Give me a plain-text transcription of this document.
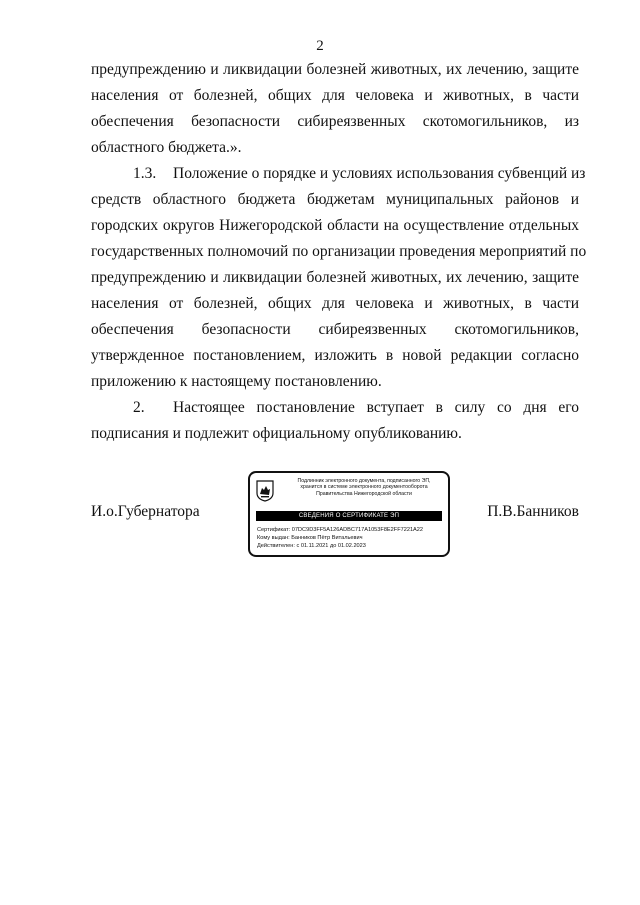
2
предупреждению и ликвидации болезней животных, их лечению, защите
населения от болезней, общих для человека и животных, в части
обеспечения безопасности сибиреязвенных скотомогильников, из
областного бюджета.».
1.3. Положение о порядке и условиях использования субвенций из
средств областного бюджета бюджетам муниципальных районов и
городских округов Нижегородской области на осуществление отдельных
государственных полномочий по организации проведения мероприятий по
предупреждению и ликвидации болезней животных, их лечению, защите
населения от болезней, общих для человека и животных, в части
обеспечения безопасности сибиреязвенных скотомогильников,
утвержденное постановлением, изложить в новой редакции согласно
приложению к настоящему постановлению.
2. Настоящее постановление вступает в силу со дня его
подписания и подлежит официальному опубликованию.
И.о.Губернатора	П.В.Банников
Подлинник электронного документа, подписанного ЭП,
хранится в системе электронного документооборота
Правительства Нижегородской области
СВЕДЕНИЯ О СЕРТИФИКАТЕ ЭП
Сертификат: 07DC9D3FF5A126ADBC717A1053F8E2FF7221A22
Кому выдан: Банников Пётр Витальевич
Действителен: с 01.11.2021 до 01.02.2023
